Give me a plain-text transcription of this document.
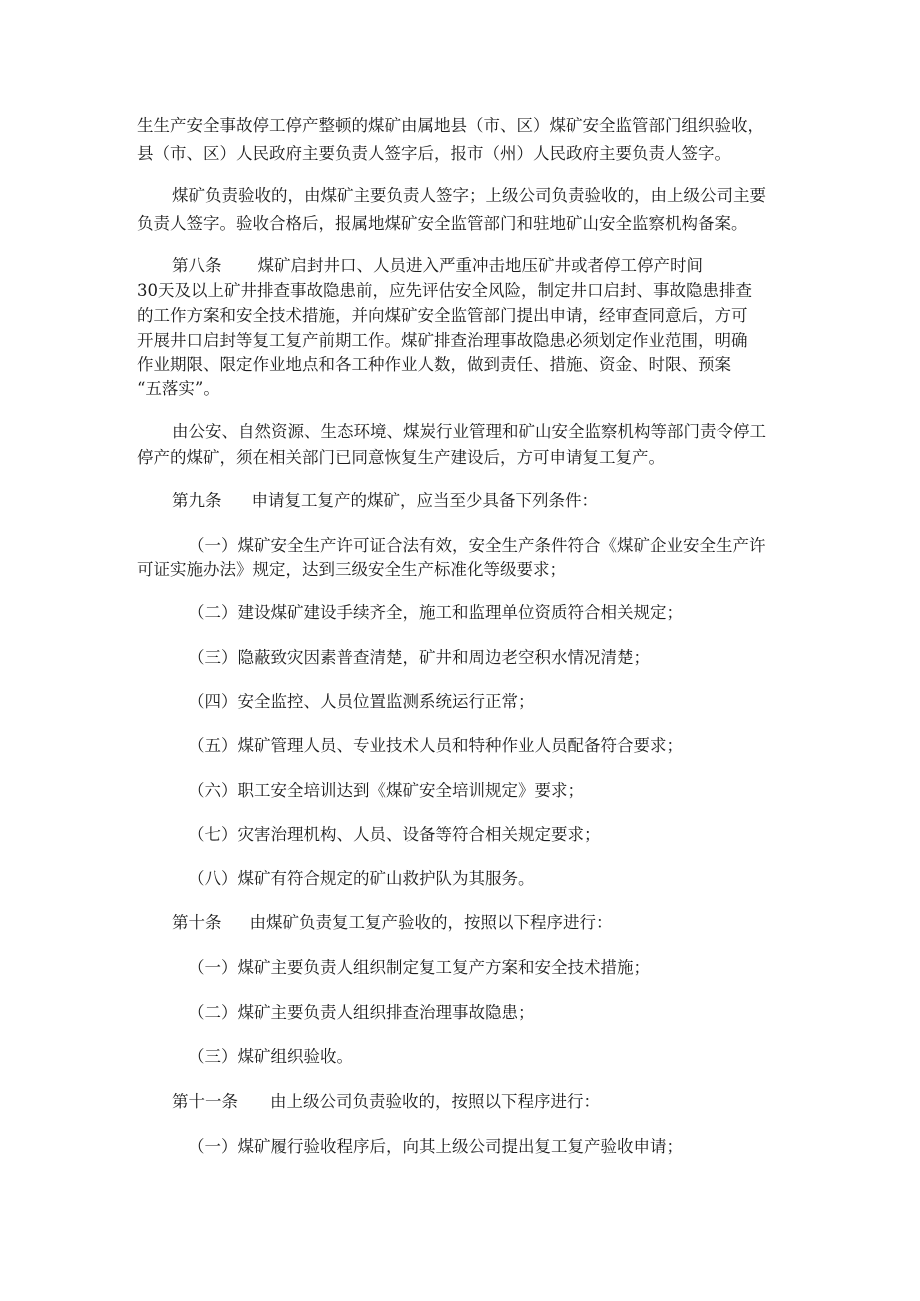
生生产安全事故停工停产整顿的煤矿由属地县（市、区）煤矿安全监管部门组织验收，
县（市、区）人民政府主要负责人签字后，报市（州）人民政府主要负责人签字。
煤矿负责验收的，由煤矿主要负责人签字；上级公司负责验收的，由上级公司主要
负责人签字。验收合格后，报属地煤矿安全监管部门和驻地矿山安全监察机构备案。
第八条 煤矿启封井口、人员进入严重冲击地压矿井或者停工停产时间
30天及以上矿井排查事故隐患前，应先评估安全风险，制定井口启封、事故隐患排查
的工作方案和安全技术措施，并向煤矿安全监管部门提出申请，经审查同意后，方可
开展井口启封等复工复产前期工作。煤矿排查治理事故隐患必须划定作业范围，明确
作业期限、限定作业地点和各工种作业人数，做到责任、措施、资金、时限、预案
“五落实”。
由公安、自然资源、生态环境、煤炭行业管理和矿山安全监察机构等部门责令停工
停产的煤矿，须在相关部门已同意恢复生产建设后，方可申请复工复产。
第九条 申请复工复产的煤矿，应当至少具备下列条件：
（一）煤矿安全生产许可证合法有效，安全生产条件符合《煤矿企业安全生产许
可证实施办法》规定，达到三级安全生产标准化等级要求；
（二）建设煤矿建设手续齐全，施工和监理单位资质符合相关规定；
（三）隐蔽致灾因素普查清楚，矿井和周边老空积水情况清楚；
（四）安全监控、人员位置监测系统运行正常；
（五）煤矿管理人员、专业技术人员和特种作业人员配备符合要求；
（六）职工安全培训达到《煤矿安全培训规定》要求；
（七）灾害治理机构、人员、设备等符合相关规定要求；
（八）煤矿有符合规定的矿山救护队为其服务。
第十条 由煤矿负责复工复产验收的，按照以下程序进行：
（一）煤矿主要负责人组织制定复工复产方案和安全技术措施；
（二）煤矿主要负责人组织排查治理事故隐患；
（三）煤矿组织验收。
第十一条 由上级公司负责验收的，按照以下程序进行：
（一）煤矿履行验收程序后，向其上级公司提出复工复产验收申请；
